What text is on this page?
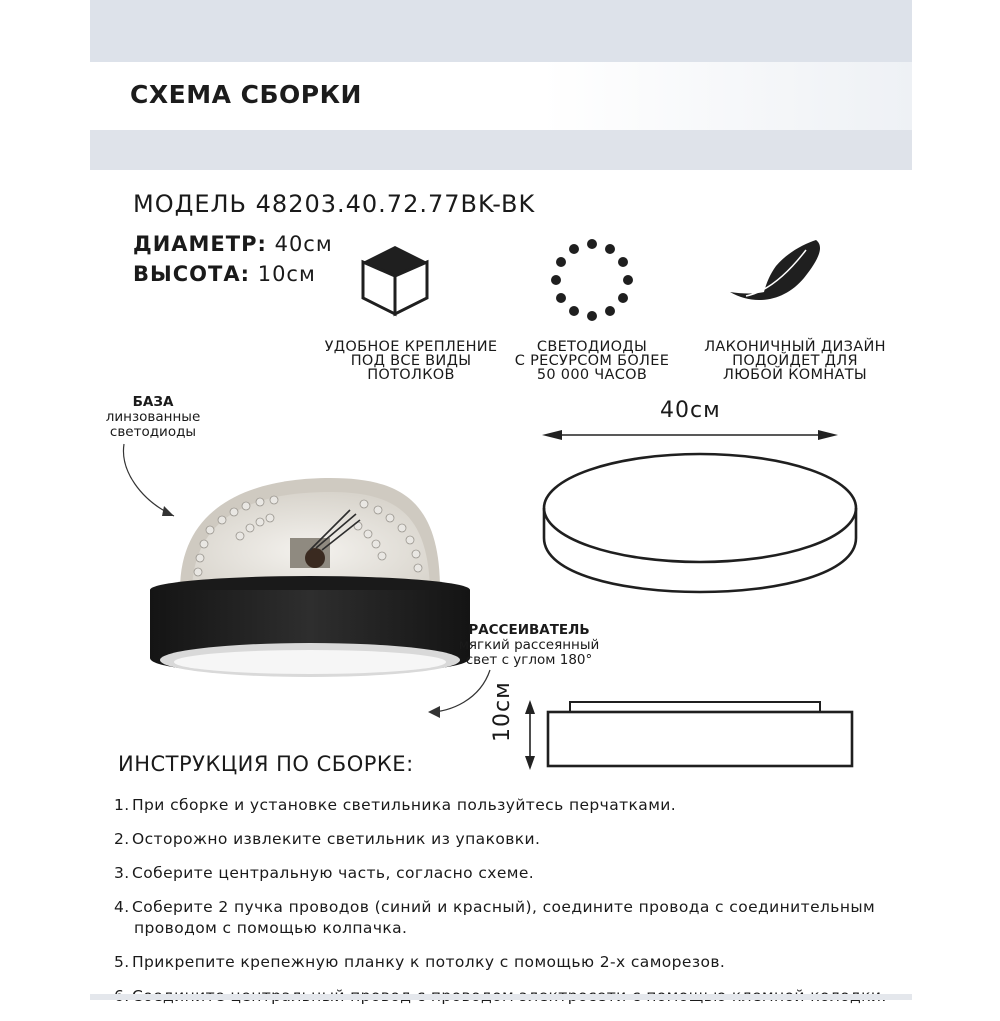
СХЕМА СБОРКИ
МОДЕЛЬ 48203.40.72.77BK-BK
ДИАМЕТР: 40см
ВЫСОТА: 10см
УДОБНОЕ КРЕПЛЕНИЕ
ПОД ВСЕ ВИДЫ
ПОТОЛКОВ
СВЕТОДИОДЫ
С РЕСУРСОМ БОЛЕЕ
50 000 ЧАСОВ
ЛАКОНИЧНЫЙ ДИЗАЙН
ПОДОЙДЕТ ДЛЯ
ЛЮБОЙ КОМНАТЫ
БАЗА
линзованные
светодиоды
РАССЕИВАТЕЛЬ
мягкий рассеянный
свет с углом 180°
40см
10см
ИНСТРУКЦИЯ ПО СБОРКЕ:
1. При сборке и установке светильника пользуйтесь перчатками.
2. Осторожно извлеките светильник из упаковки.
3. Соберите центральную часть, согласно схеме.
4. Соберите 2 пучка проводов (синий и красный), соедините провода с соединительным
проводом с помощью колпачка.
5. Прикрепите крепежную планку к потолку с помощью 2-х саморезов.
